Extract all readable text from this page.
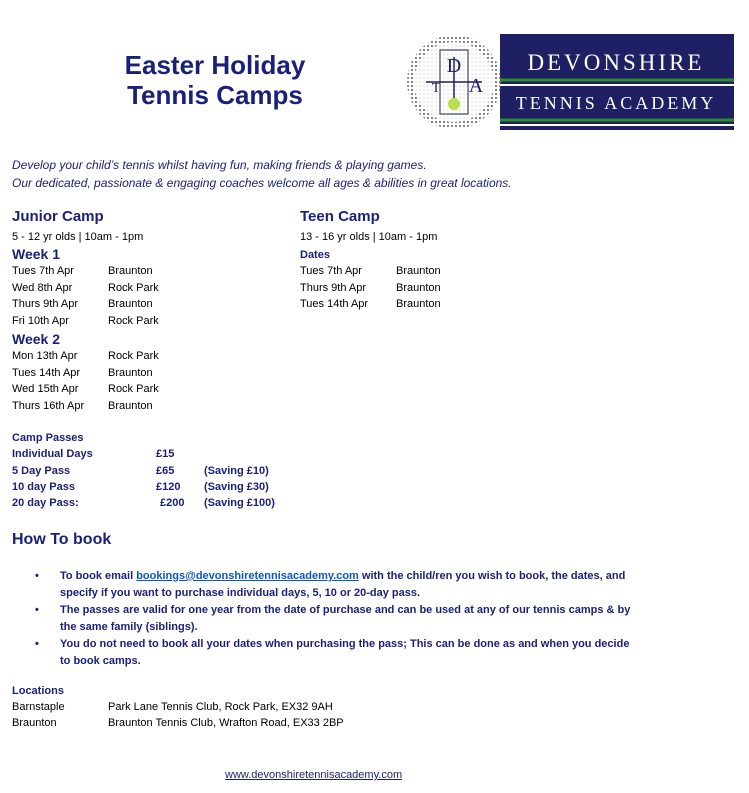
Easter Holiday
Tennis Camps
D
T A
DEVONSHIRE
TENNIS ACADEMY
Develop your child’s tennis whilst having fun, making friends & playing games.
Our dedicated, passionate & engaging coaches welcome all ages & abilities in great locations.
Junior Camp
5 - 12 yr olds | 10am - 1pm
Week 1
Tues 7th Apr	Braunton
Wed 8th Apr	Rock Park
Thurs 9th Apr	Braunton
Fri 10th Apr	Rock Park
Week 2
Mon 13th Apr	Rock Park
Tues 14th Apr	Braunton
Wed 15th Apr	Rock Park
Thurs 16th Apr Braunton
Teen Camp
13 - 16 yr olds | 10am - 1pm
Dates
Tues 7th Apr	Braunton
Thurs 9th Apr	Braunton
Tues 14th Apr	Braunton
Camp Passes
Individual Days	£15
5 Day Pass	£65	(Saving £10)
10 day Pass	£120 (Saving £30)
20 day Pass:	£200 (Saving £100)
How To book
• To book email bookings@devonshiretennisacademy.com with the child/ren you wish to book, the dates, and specify if you want to purchase individual days, 5, 10 or 20-day pass.
• The passes are valid for one year from the date of purchase and can be used at any of our tennis camps & by the same family (siblings).
• You do not need to book all your dates when purchasing the pass; This can be done as and when you decide to book camps.
Locations
Barnstaple	Park Lane Tennis Club, Rock Park, EX32 9AH
Braunton	Braunton Tennis Club, Wrafton Road, EX33 2BP
www.devonshiretennisacademy.com
